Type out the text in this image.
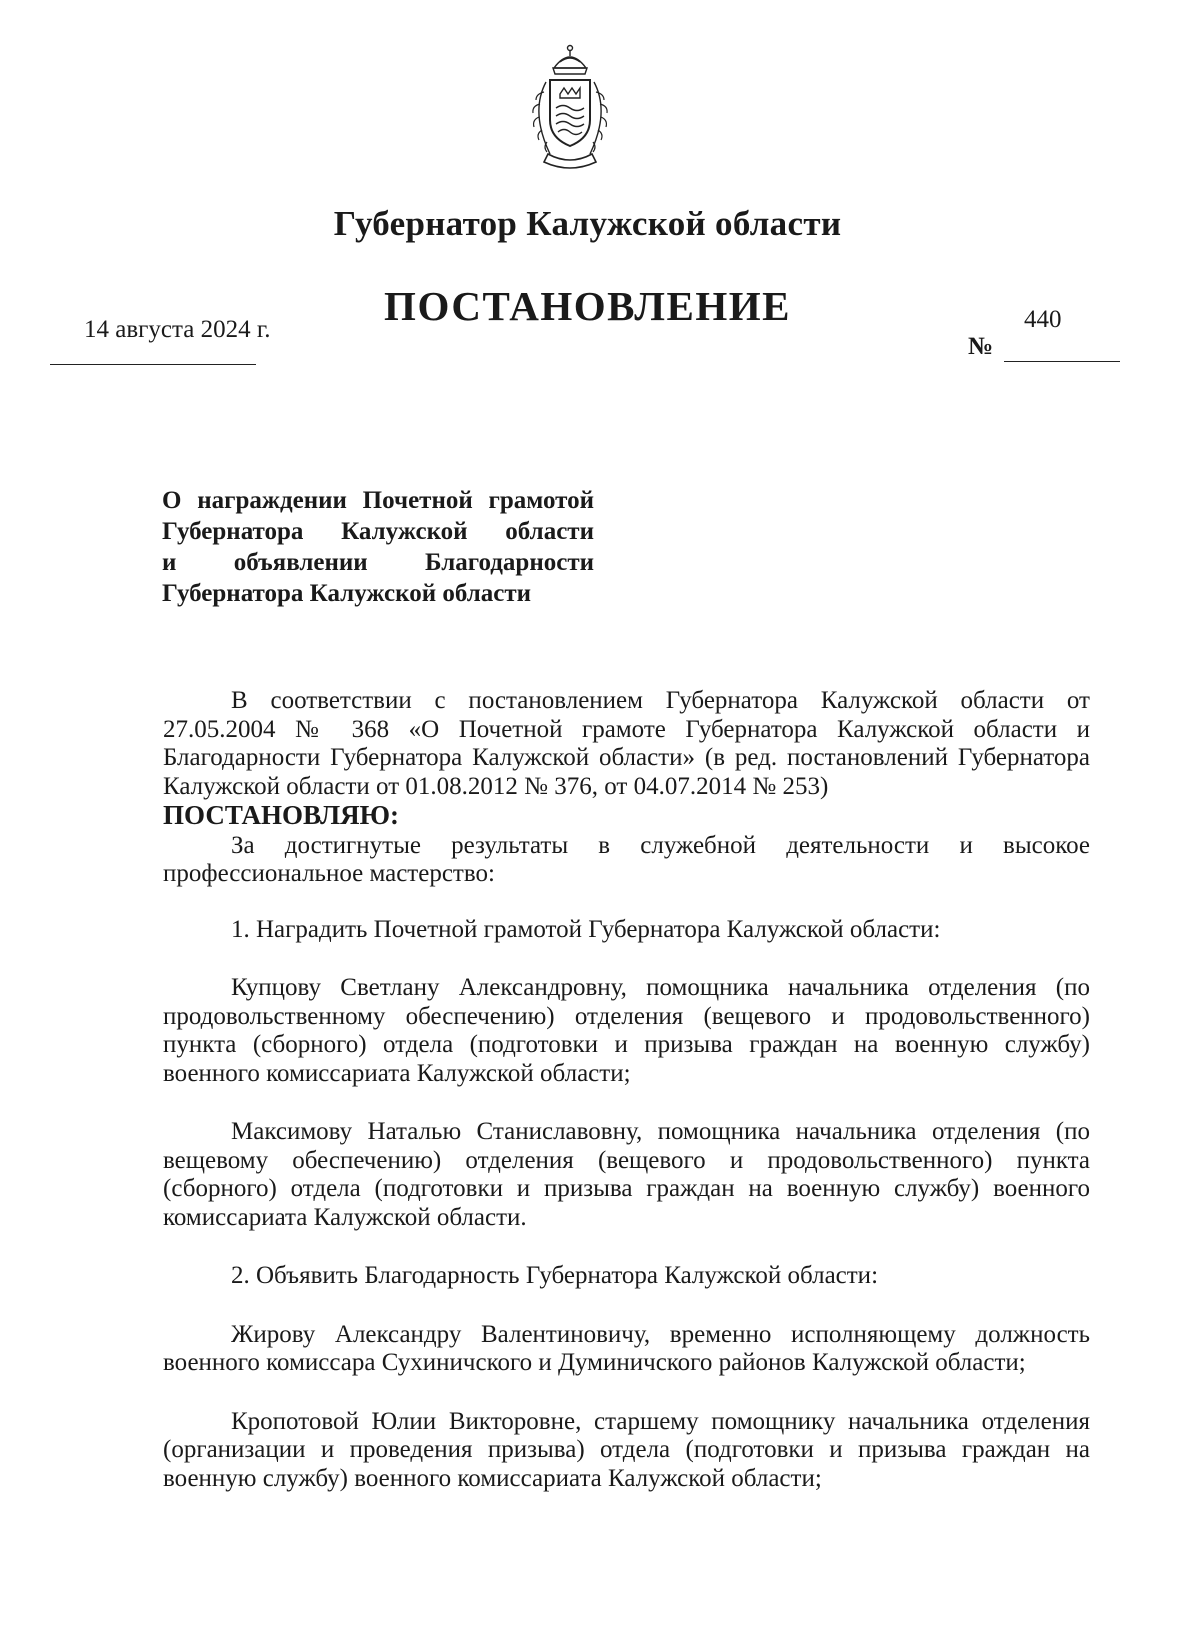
Губернатор Калужской области
ПОСТАНОВЛЕНИЕ
14 августа 2024 г.	440
№
О награждении Почетной грамотой
Губернатора Калужской области
и объявлении Благодарности
Губернатора Калужской области

В соответствии с постановлением Губернатора Калужской области от 27.05.2004 № 368 «О Почетной грамоте Губернатора Калужской области и Благодарности Губернатора Калужской области» (в ред. постановлений Губернатора Калужской области от 01.08.2012 № 376, от 04.07.2014 № 253)

ПОСТАНОВЛЯЮ:

За достигнутые результаты в служебной деятельности и высокое профессиональное мастерство:

1. Наградить Почетной грамотой Губернатора Калужской области:

Купцову Светлану Александровну, помощника начальника отделения (по продовольственному обеспечению) отделения (вещевого и продовольственного) пункта (сборного) отдела (подготовки и призыва граждан на военную службу) военного комиссариата Калужской области;

Максимову Наталью Станиславовну, помощника начальника отделения (по вещевому обеспечению) отделения (вещевого и продовольственного) пункта (сборного) отдела (подготовки и призыва граждан на военную службу) военного комиссариата Калужской области.

2. Объявить Благодарность Губернатора Калужской области:

Жирову Александру Валентиновичу, временно исполняющему должность военного комиссара Сухиничского и Думиничского районов Калужской области;

Кропотовой Юлии Викторовне, старшему помощнику начальника отделения (организации и проведения призыва) отдела (подготовки и призыва граждан на военную службу) военного комиссариата Калужской области;
